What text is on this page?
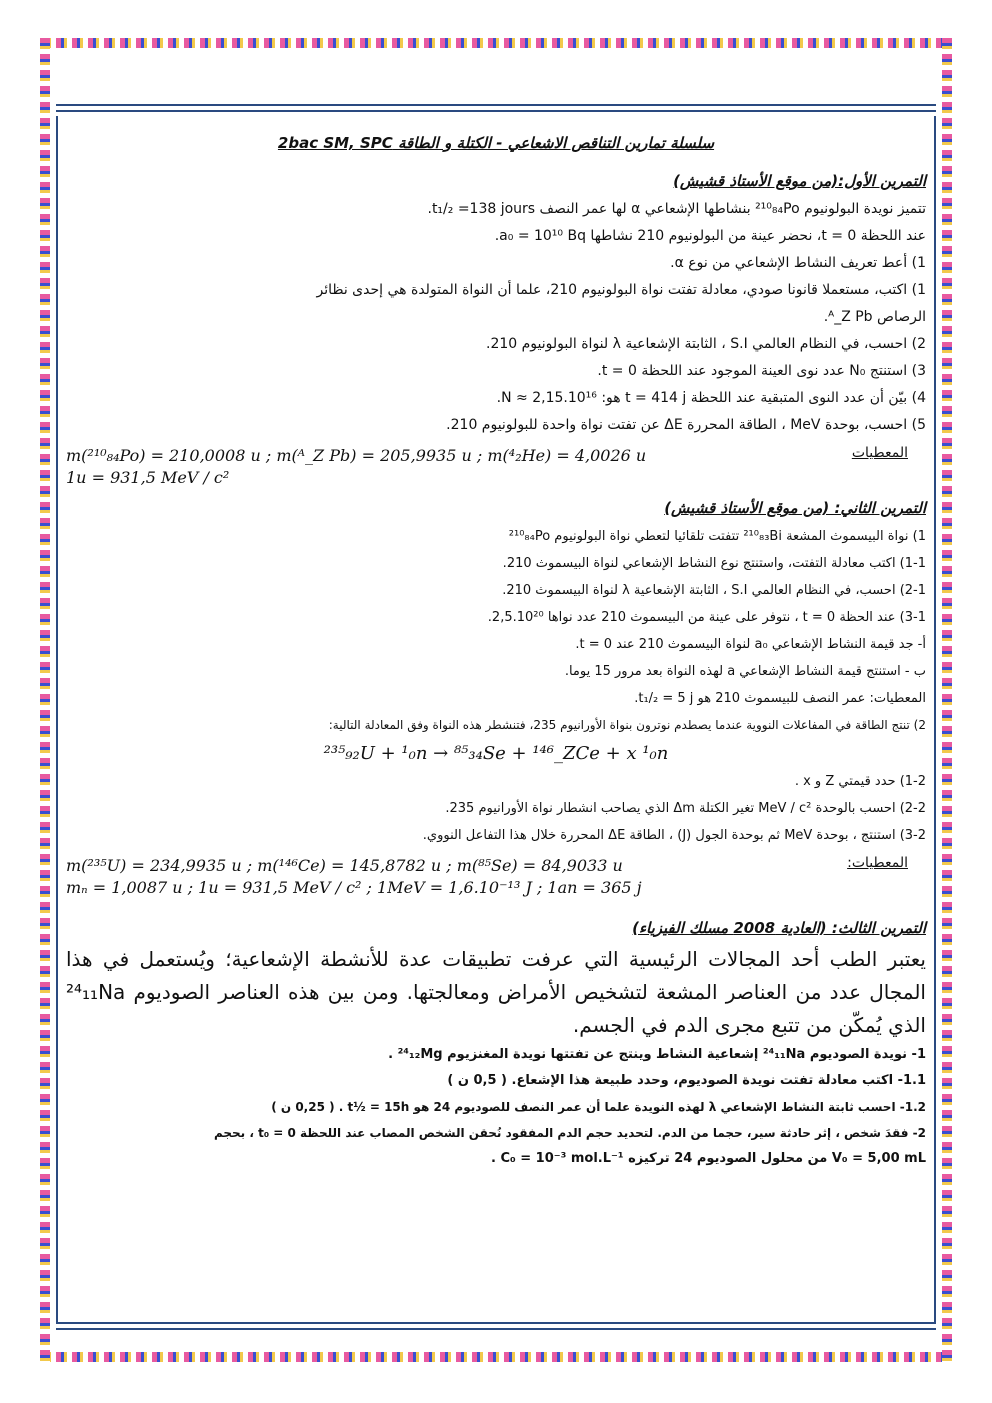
سلسلة تمارين التناقص الاشعاعي - الكتلة و الطاقة 2bac SM, SPC
التمرين الأول:(من موقع الأستاذ قشيش)
تتميز نويدة البولونيوم ²¹⁰₈₄Po بنشاطها الإشعاعي α لها عمر النصف t₁/₂ =138 jours.
عند اللحظة t = 0، نحضر عينة من البولونيوم 210 نشاطها a₀ = 10¹⁰ Bq.
1) أعط تعريف النشاط الإشعاعي من نوع α.
1) اكتب، مستعملا قانونا صودي، معادلة تفتت نواة البولونيوم 210، علما أن النواة المتولدة هي إحدى نظائر
الرصاص ᴬ_Z Pb.
2) احسب، في النظام العالمي S.I ، الثابتة الإشعاعية λ لنواة البولونيوم 210.
3) استنتج N₀ عدد نوى العينة الموجود عند اللحظة t = 0.
4) بيّن أن عدد النوى المتبقية عند اللحظة t = 414 j هو: N ≈ 2,15.10¹⁶.
5) احسب، بوحدة MeV ، الطاقة المحررة ΔE عن تفتت نواة واحدة للبولونيوم 210.
m(²¹⁰₈₄Po) = 210,0008 u ; m(ᴬ_Z Pb) = 205,9935 u ; m(⁴₂He) = 4,0026 u
1u = 931,5 MeV / c²
المعطيات
التمرين الثاني: (من موقع الأستاذ قشيش)
1) نواة البيسموث المشعة ²¹⁰₈₃Bi تتفتت تلقائيا لتعطي نواة البولونيوم ²¹⁰₈₄Po
1-1) اكتب معادلة التفتت، واستنتج نوع النشاط الإشعاعي لنواة البيسموث 210.
2-1) احسب، في النظام العالمي S.I ، الثابتة الإشعاعية λ لنواة البيسموث 210.
3-1) عند الحظة t = 0 ، نتوفر على عينة من البيسموث 210 عدد نواها 2,5.10²⁰.
أ- جد قيمة النشاط الإشعاعي a₀ لنواة البيسموث 210 عند t = 0.
ب - استنتج قيمة النشاط الإشعاعي a لهذه النواة بعد مرور 15 يوما.
المعطيات: عمر النصف للبيسموث 210 هو t₁/₂ = 5 j.
2) تنتج الطاقة في المفاعلات النووية عندما يصطدم نوترون بنواة الأورانيوم 235، فتنشطر هذه النواة وفق المعادلة التالية:
²³⁵₉₂U + ¹₀n → ⁸⁵₃₄Se + ¹⁴⁶_ZCe + x ¹₀n
1-2) حدد قيمتي Z و x .
2-2) احسب بالوحدة MeV / c² تغير الكتلة Δm الذي يصاحب انشطار نواة الأورانيوم 235.
3-2) استنتج ، بوحدة MeV ثم بوحدة الجول (J) ، الطاقة ΔE المحررة خلال هذا التفاعل النووي.
m(²³⁵U) = 234,9935 u ; m(¹⁴⁶Ce) = 145,8782 u ; m(⁸⁵Se) = 84,9033 u
mₙ = 1,0087 u ; 1u = 931,5 MeV / c² ; 1MeV = 1,6.10⁻¹³ J ; 1an = 365 j
المعطيات:
التمرين الثالث: (العادية 2008 مسلك الفيزياء)
يعتبر الطب أحد المجالات الرئيسية التي عرفت تطبيقات عدة للأنشطة الإشعاعية؛ ويُستعمل في هذا المجال عدد من العناصر المشعة لتشخيص الأمراض ومعالجتها. ومن بين هذه العناصر الصوديوم ²⁴₁₁Na الذي يُمكّن من تتبع مجرى الدم في الجسم.
1- نويدة الصوديوم ²⁴₁₁Na إشعاعية النشاط وينتج عن تفتتها نويدة المغنزيوم ²⁴₁₂Mg .
1.1- اكتب معادلة تفتت نويدة الصوديوم، وحدد طبيعة هذا الإشعاع. ( 0,5 ن )
1.2- احسب ثابتة النشاط الإشعاعي λ لهذه النويدة علما أن عمر النصف للصوديوم 24 هو t½ = 15h . ( 0,25 ن )
2- فقدَ شخص ، إثر حادثة سير، حجما من الدم. لتحديد حجم الدم المفقود نُحقن الشخص المصاب عند اللحظة t₀ = 0 ، بحجم
V₀ = 5,00 mL من محلول الصوديوم 24 تركيزه C₀ = 10⁻³ mol.L⁻¹ .
